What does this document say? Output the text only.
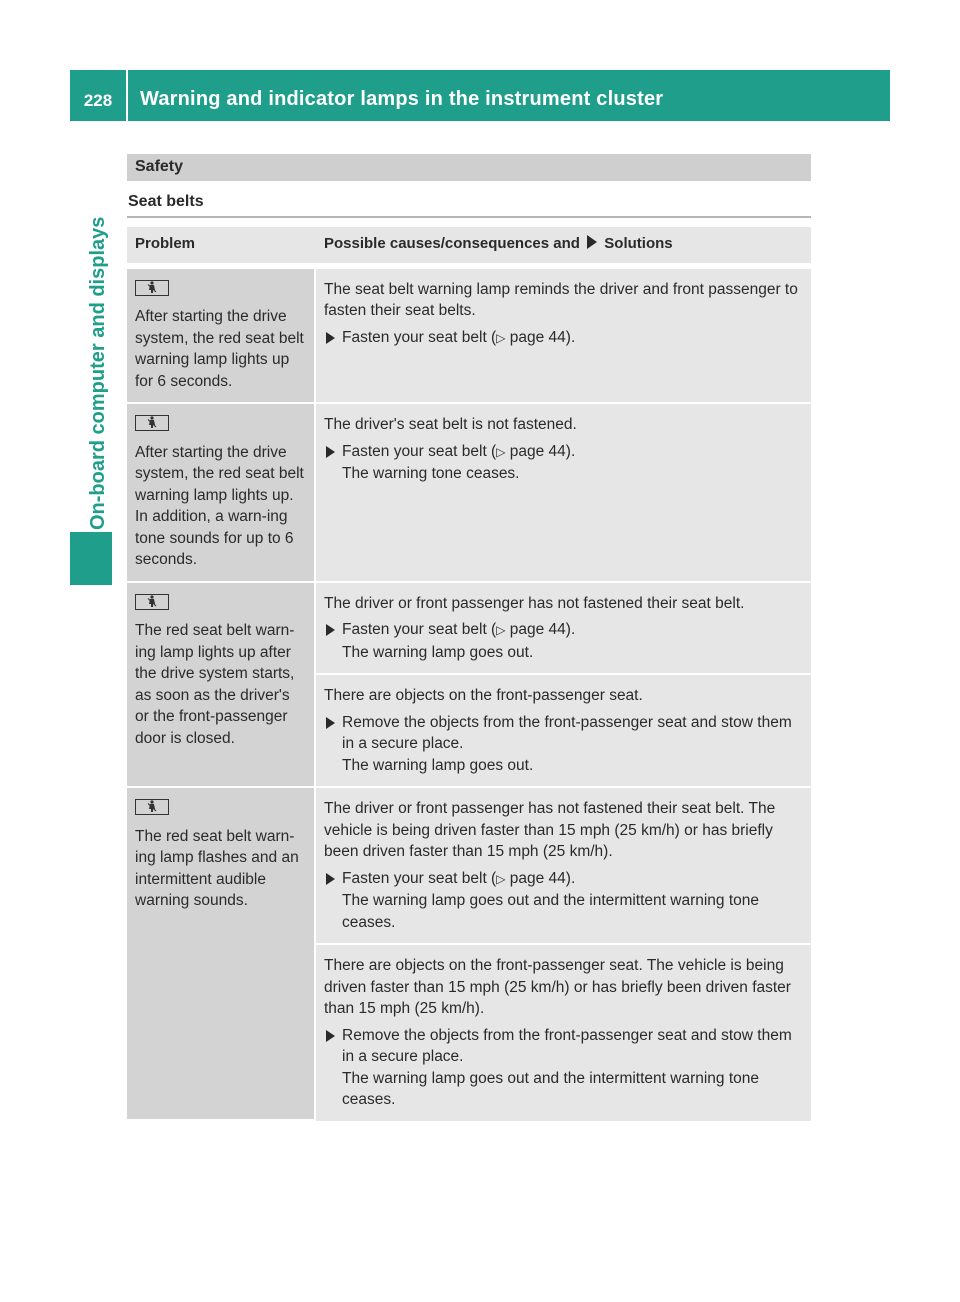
228	Warning and indicator lamps in the instrument cluster
On-board computer and displays
Safety
Seat belts
Problem	Possible causes/consequences and Solutions

After starting the drive system, the red seat belt warning lamp lights up for 6 seconds.	The seat belt warning lamp reminds the driver and front passenger to fasten their seat belts.
Fasten your seat belt (▷ page 44).

After starting the drive system, the red seat belt warning lamp lights up. In addition, a warn-ing tone sounds for up to 6 seconds.	The driver's seat belt is not fastened.
Fasten your seat belt (▷ page 44).
The warning tone ceases.

The red seat belt warn-ing lamp lights up after the drive system starts, as soon as the driver's or the front-passenger door is closed.	The driver or front passenger has not fastened their seat belt.
Fasten your seat belt (▷ page 44).
The warning lamp goes out.

	There are objects on the front-passenger seat.
Remove the objects from the front-passenger seat and stow them in a secure place.
The warning lamp goes out.

The red seat belt warn-ing lamp flashes and an intermittent audible warning sounds.	The driver or front passenger has not fastened their seat belt. The vehicle is being driven faster than 15 mph (25 km/h) or has briefly been driven faster than 15 mph (25 km/h).
Fasten your seat belt (▷ page 44).
The warning lamp goes out and the intermittent warning tone ceases.

	There are objects on the front-passenger seat. The vehicle is being driven faster than 15 mph (25 km/h) or has briefly been driven faster than 15 mph (25 km/h).
Remove the objects from the front-passenger seat and stow them in a secure place.
The warning lamp goes out and the intermittent warning tone ceases.
